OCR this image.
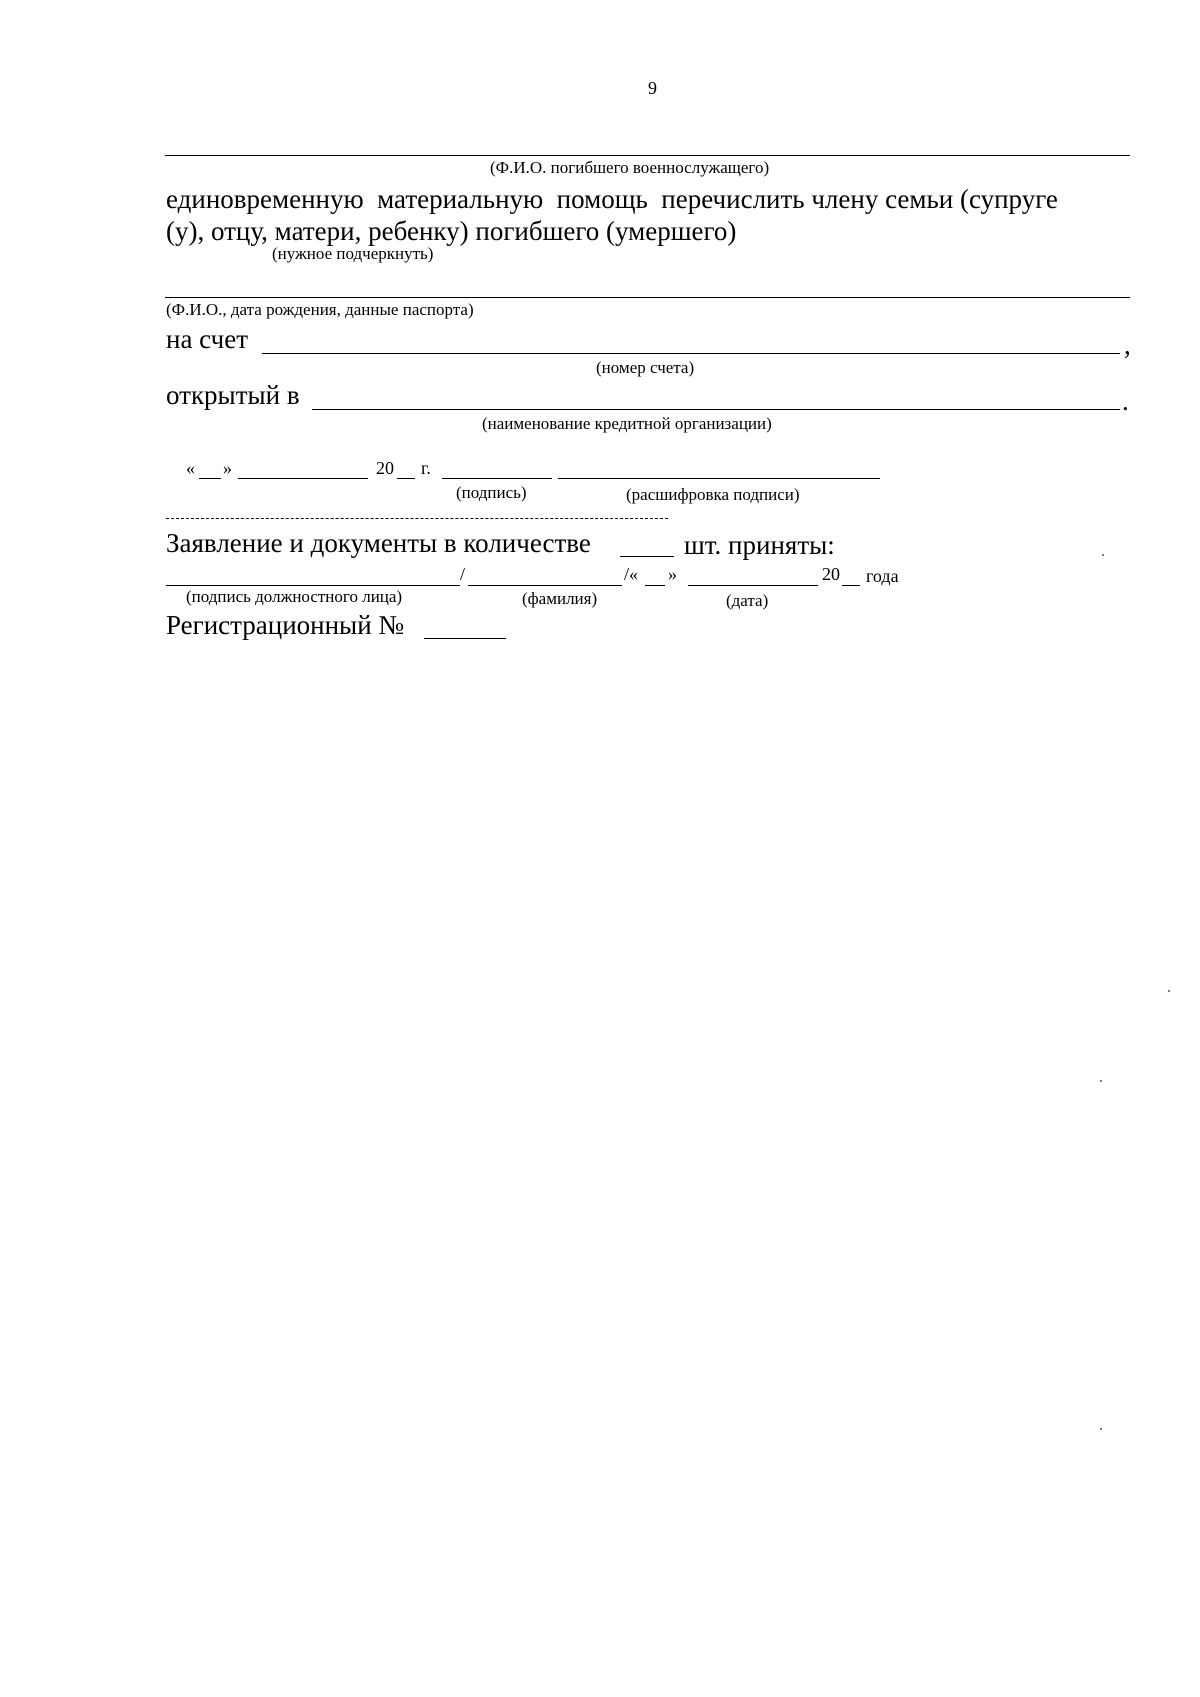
9
(Ф.И.О. погибшего военнослужащего)
единовременную  материальную  помощь  перечислить члену семьи (супруге
(у), отцу, матери, ребенку) погибшего (умершего)
(нужное подчеркнуть)
(Ф.И.О., дата рождения, данные паспорта)
на счет	,
(номер счета)
открытый в	.
(наименование кредитной организации)
« »	20 г.
(подпись)	(расшифровка подписи)
Заявление и документы в количестве	шт. приняты:
/	/« »	20 года
(подпись должностного лица)	(фамилия)	(дата)
Регистрационный №
